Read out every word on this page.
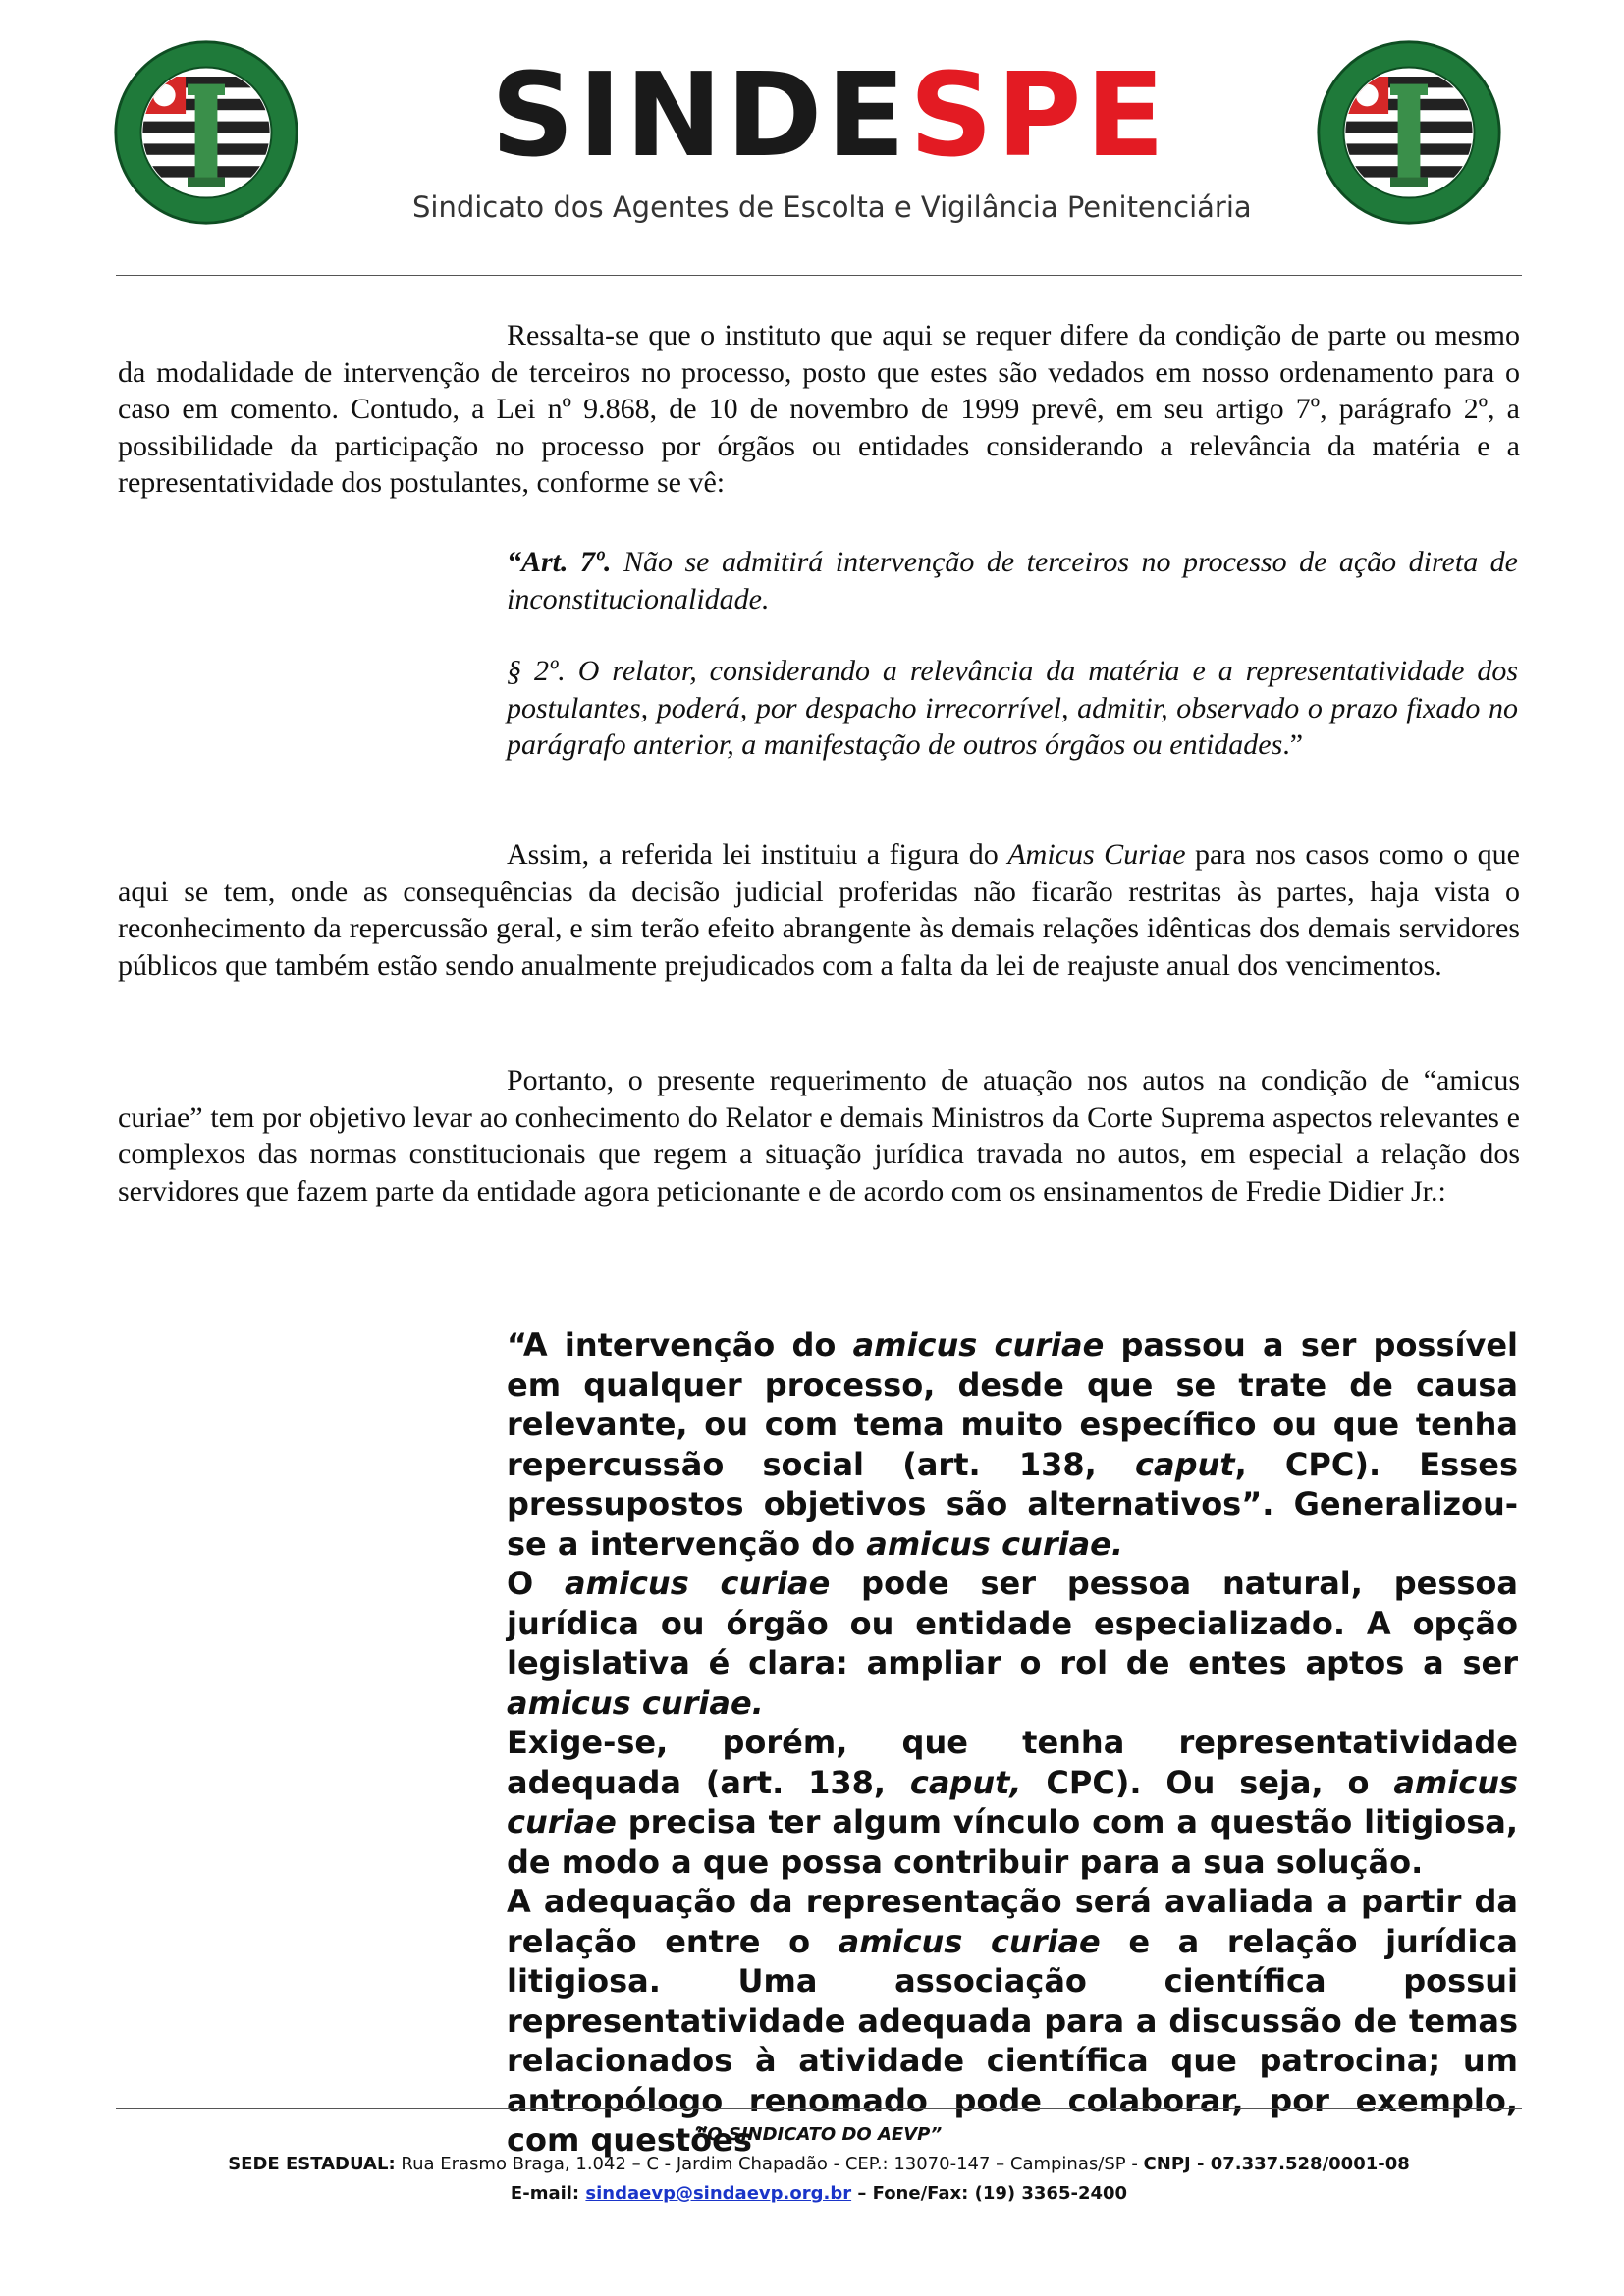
SINDESPE
Sindicato dos Agentes de Escolta e Vigilância Penitenciária

Ressalta-se que o instituto que aqui se requer difere da condição de parte ou mesmo da modalidade de intervenção de terceiros no processo, posto que estes são vedados em nosso ordenamento para o caso em comento. Contudo, a Lei nº 9.868, de 10 de novembro de 1999 prevê, em seu artigo 7º, parágrafo 2º, a possibilidade da participação no processo por órgãos ou entidades considerando a relevância da matéria e a representatividade dos postulantes, conforme se vê:

“Art. 7º. Não se admitirá intervenção de terceiros no processo de ação direta de inconstitucionalidade.

§ 2º. O relator, considerando a relevância da matéria e a representatividade dos postulantes, poderá, por despacho irrecorrível, admitir, observado o prazo fixado no parágrafo anterior, a manifestação de outros órgãos ou entidades.”

Assim, a referida lei instituiu a figura do Amicus Curiae para nos casos como o que aqui se tem, onde as consequências da decisão judicial proferidas não ficarão restritas às partes, haja vista o reconhecimento da repercussão geral, e sim terão efeito abrangente às demais relações idênticas dos demais servidores públicos que também estão sendo anualmente prejudicados com a falta da lei de reajuste anual dos vencimentos.

Portanto, o presente requerimento de atuação nos autos na condição de “amicus curiae” tem por objetivo levar ao conhecimento do Relator e demais Ministros da Corte Suprema aspectos relevantes e complexos das normas constitucionais que regem a situação jurídica travada no autos, em especial a relação dos servidores que fazem parte da entidade agora peticionante e de acordo com os ensinamentos de Fredie Didier Jr.:

“A intervenção do amicus curiae passou a ser possível em qualquer processo, desde que se trate de causa relevante, ou com tema muito específico ou que tenha repercussão social (art. 138, caput, CPC). Esses pressupostos objetivos são alternativos”. Generalizou-se a intervenção do amicus curiae.

O amicus curiae pode ser pessoa natural, pessoa jurídica ou órgão ou entidade especializado. A opção legislativa é clara: ampliar o rol de entes aptos a ser amicus curiae.

Exige-se, porém, que tenha representatividade adequada (art. 138, caput, CPC). Ou seja, o amicus curiae precisa ter algum vínculo com a questão litigiosa, de modo a que possa contribuir para a sua solução.

A adequação da representação será avaliada a partir da relação entre o amicus curiae e a relação jurídica litigiosa. Uma associação científica possui representatividade adequada para a discussão de temas relacionados à atividade científica que patrocina; um antropólogo renomado pode colaborar, por exemplo, com questões

“O SINDICATO DO AEVP”
SEDE ESTADUAL: Rua Erasmo Braga, 1.042 – C - Jardim Chapadão - CEP.: 13070-147 – Campinas/SP - CNPJ - 07.337.528/0001-08
E-mail: sindaevp@sindaevp.org.br – Fone/Fax: (19) 3365-2400
